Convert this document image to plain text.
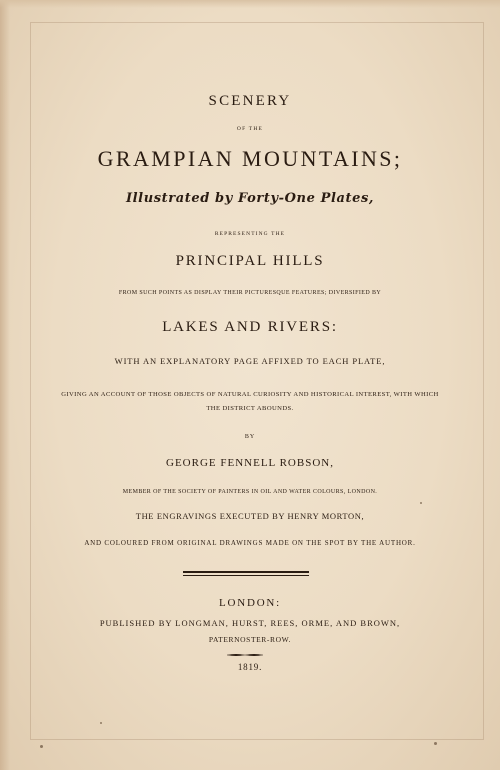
SCENERY
OF THE
GRAMPIAN MOUNTAINS;
Illustrated by Forty-One Plates,
REPRESENTING THE
PRINCIPAL HILLS
FROM SUCH POINTS AS DISPLAY THEIR PICTURESQUE FEATURES; DIVERSIFIED BY
LAKES AND RIVERS:
WITH AN EXPLANATORY PAGE AFFIXED TO EACH PLATE,
GIVING AN ACCOUNT OF THOSE OBJECTS OF NATURAL CURIOSITY AND HISTORICAL INTEREST, WITH WHICH
THE DISTRICT ABOUNDS.
BY
GEORGE FENNELL ROBSON,
MEMBER OF THE SOCIETY OF PAINTERS IN OIL AND WATER COLOURS, LONDON.
THE ENGRAVINGS EXECUTED BY HENRY MORTON,
AND COLOURED FROM ORIGINAL DRAWINGS MADE ON THE SPOT BY THE AUTHOR.
LONDON:
PUBLISHED BY LONGMAN, HURST, REES, ORME, AND BROWN,
PATERNOSTER-ROW.
1819.
